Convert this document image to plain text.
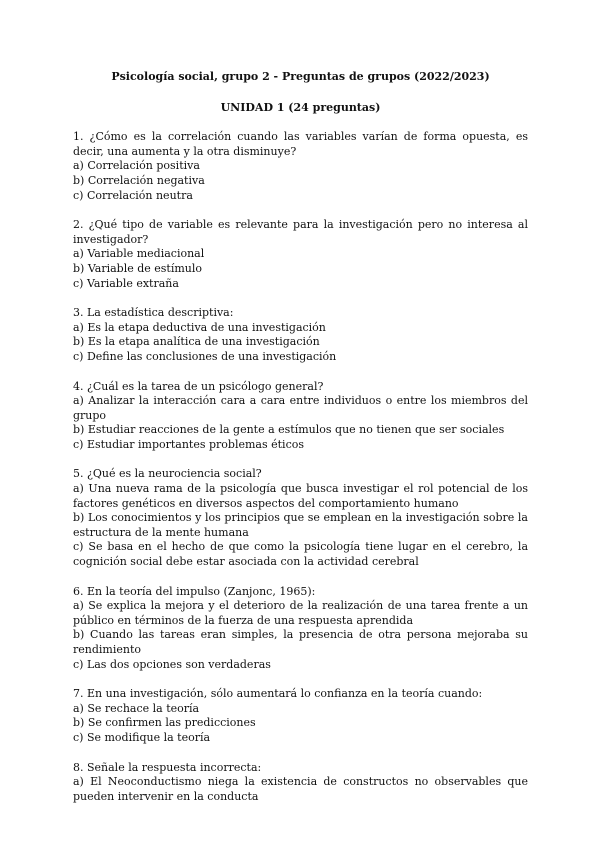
Psicología social, grupo 2 - Preguntas de grupos (2022/2023)

UNIDAD 1 (24 preguntas)

1. ¿Cómo es la correlación cuando las variables varían de forma opuesta, es decir, una aumenta y la otra disminuye?

a) Correlación positiva

b) Correlación negativa

c) Correlación neutra

2. ¿Qué tipo de variable es relevante para la investigación pero no interesa al investigador?

a) Variable mediacional

b) Variable de estímulo

c) Variable extraña

3. La estadística descriptiva:

a) Es la etapa deductiva de una investigación

b) Es la etapa analítica de una investigación

c) Define las conclusiones de una investigación

4. ¿Cuál es la tarea de un psicólogo general?

a) Analizar la interacción cara a cara entre individuos o entre los miembros del grupo

b) Estudiar reacciones de la gente a estímulos que no tienen que ser sociales

c) Estudiar importantes problemas éticos

5. ¿Qué es la neurociencia social?

a) Una nueva rama de la psicología que busca investigar el rol potencial de los factores genéticos en diversos aspectos del comportamiento humano

b) Los conocimientos y los principios que se emplean en la investigación sobre la estructura de la mente humana

c) Se basa en el hecho de que como la psicología tiene lugar en el cerebro, la cognición social debe estar asociada con la actividad cerebral

6. En la teoría del impulso (Zanjonc, 1965):

a) Se explica la mejora y el deterioro de la realización de una tarea frente a un público en términos de la fuerza de una respuesta aprendida

b) Cuando las tareas eran simples, la presencia de otra persona mejoraba su rendimiento

c) Las dos opciones son verdaderas

7. En una investigación, sólo aumentará lo confianza en la teoría cuando:

a) Se rechace la teoría

b) Se confirmen las predicciones

c) Se modifique la teoría

8. Señale la respuesta incorrecta:

a) El Neoconductismo niega la existencia de constructos no observables que pueden intervenir en la conducta
